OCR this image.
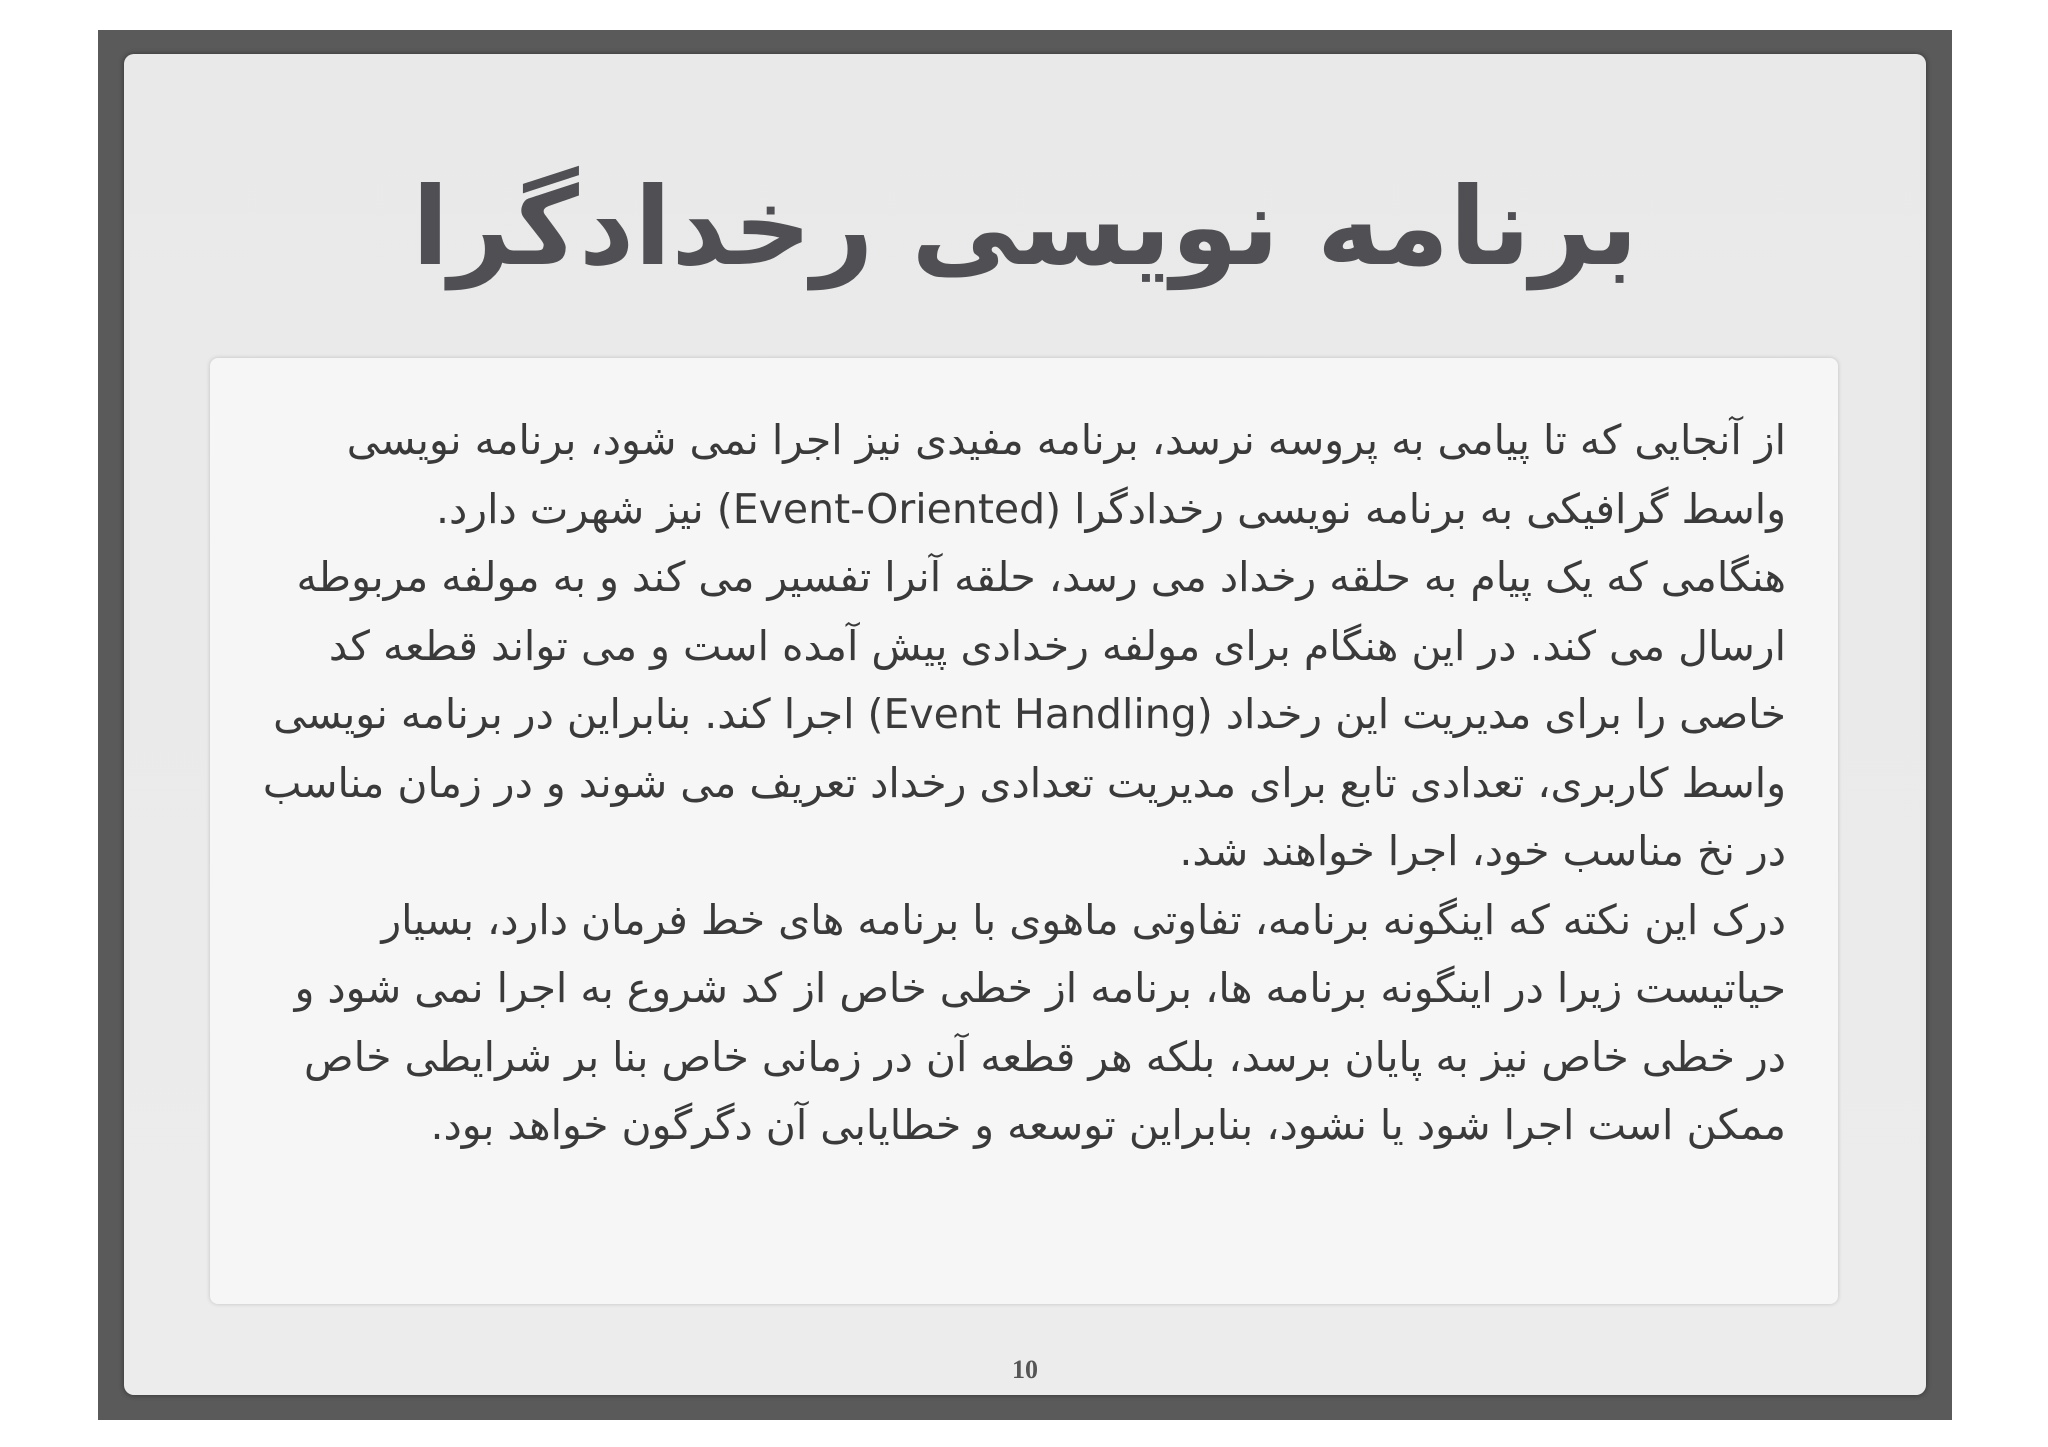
برنامه نویسی رخدادگرا

از آنجایی که تا پیامی به پروسه نرسد، برنامه مفیدی نیز اجرا نمی شود، برنامه نویسی واسط گرافیکی به برنامه نویسی رخدادگرا (Event-Oriented) نیز شهرت دارد.

هنگامی که یک پیام به حلقه رخداد می رسد، حلقه آنرا تفسیر می کند و به مولفه مربوطه ارسال می کند. در این هنگام برای مولفه رخدادی پیش آمده است و می تواند قطعه کد خاصی را برای مدیریت این رخداد (Event Handling) اجرا کند. بنابراین در برنامه نویسی واسط کاربری، تعدادی تابع برای مدیریت تعدادی رخداد تعریف می شوند و در زمان مناسب در نخ مناسب خود، اجرا خواهند شد.

درک این نکته که اینگونه برنامه، تفاوتی ماهوی با برنامه های خط فرمان دارد، بسیار حیاتیست زیرا در اینگونه برنامه ها، برنامه از خطی خاص از کد شروع به اجرا نمی شود و در خطی خاص نیز به پایان برسد، بلکه هر قطعه آن در زمانی خاص بنا بر شرایطی خاص ممکن است اجرا شود یا نشود، بنابراین توسعه و خطایابی آن دگرگون خواهد بود.

10
